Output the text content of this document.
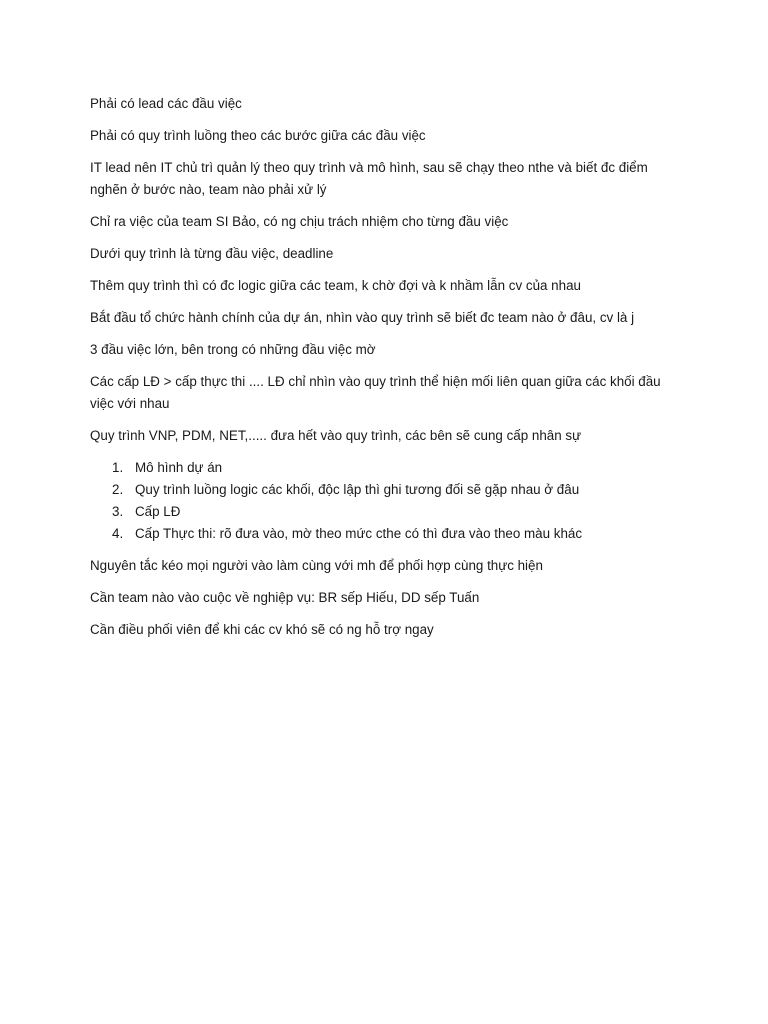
Phải có lead các đầu việc

Phải có quy trình luồng theo các bước giữa các đầu việc

IT lead nên IT chủ trì quản lý theo quy trình và mô hình, sau sẽ chạy theo nthe và biết đc điểm nghẽn ở bước nào, team nào phải xử lý

Chỉ ra việc của team SI Bảo, có ng chịu trách nhiệm cho từng đầu việc

Dưới quy trình là từng đầu việc, deadline

Thêm quy trình thì có đc logic giữa các team, k chờ đợi và k nhầm lẫn cv của nhau

Bắt đầu tổ chức hành chính của dự án, nhìn vào quy trình sẽ biết đc team nào ở đâu, cv là j

3 đầu việc lớn, bên trong có những đầu việc mờ

Các cấp LĐ > cấp thực thi .... LĐ chỉ nhìn vào quy trình thể hiện mối liên quan giữa các khối đầu việc với nhau

Quy trình VNP, PDM, NET,..... đưa hết vào quy trình, các bên sẽ cung cấp nhân sự

1. Mô hình dự án
2. Quy trình luồng logic các khối, độc lập thì ghi tương đối sẽ gặp nhau ở đâu
3. Cấp LĐ
4. Cấp Thực thi: rõ đưa vào, mờ theo mức cthe có thì đưa vào theo màu khác

Nguyên tắc kéo mọi người vào làm cùng với mh để phối hợp cùng thực hiện

Cần team nào vào cuộc về nghiệp vụ: BR sếp Hiếu, DD sếp Tuấn

Cần điều phối viên để khi các cv khó sẽ có ng hỗ trợ ngay
